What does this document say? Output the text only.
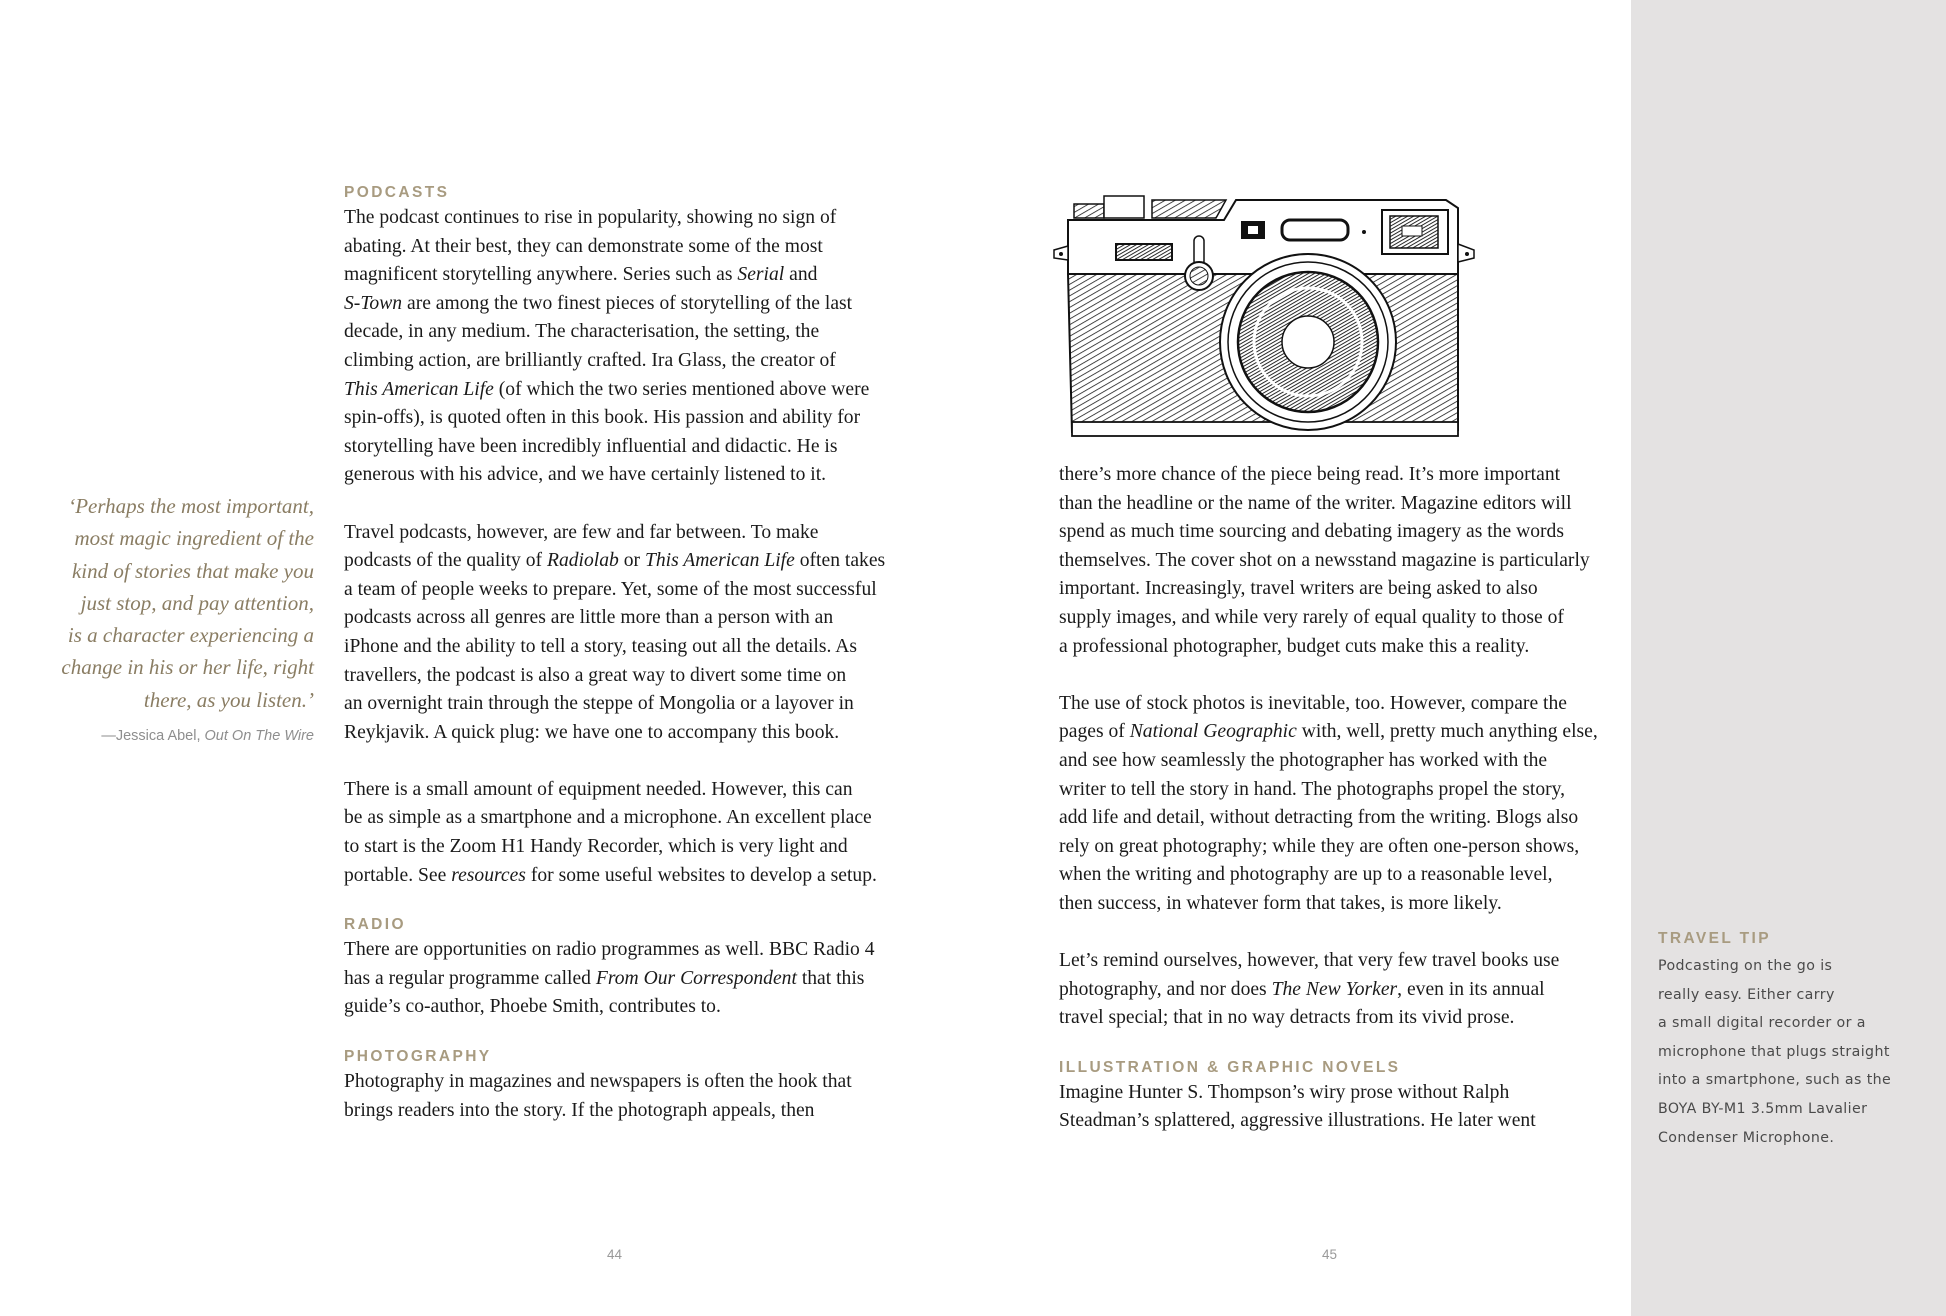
‘Perhaps the most important,
most magic ingredient of the
kind of stories that make you
just stop, and pay attention,
is a character experiencing a
change in his or her life, right
there, as you listen.’
—Jessica Abel, Out On The Wire
PODCASTS
The podcast continues to rise in popularity, showing no sign of
abating. At their best, they can demonstrate some of the most
magnificent storytelling anywhere. Series such as Serial and
S-Town are among the two finest pieces of storytelling of the last
decade, in any medium. The characterisation, the setting, the
climbing action, are brilliantly crafted. Ira Glass, the creator of
This American Life (of which the two series mentioned above were
spin-offs), is quoted often in this book. His passion and ability for
storytelling have been incredibly influential and didactic. He is
generous with his advice, and we have certainly listened to it.
Travel podcasts, however, are few and far between. To make
podcasts of the quality of Radiolab or This American Life often takes
a team of people weeks to prepare. Yet, some of the most successful
podcasts across all genres are little more than a person with an
iPhone and the ability to tell a story, teasing out all the details. As
travellers, the podcast is also a great way to divert some time on
an overnight train through the steppe of Mongolia or a layover in
Reykjavik. A quick plug: we have one to accompany this book.
There is a small amount of equipment needed. However, this can
be as simple as a smartphone and a microphone. An excellent place
to start is the Zoom H1 Handy Recorder, which is very light and
portable. See resources for some useful websites to develop a setup.
RADIO
There are opportunities on radio programmes as well. BBC Radio 4
has a regular programme called From Our Correspondent that this
guide’s co-author, Phoebe Smith, contributes to.
PHOTOGRAPHY
Photography in magazines and newspapers is often the hook that
brings readers into the story. If the photograph appeals, then
there’s more chance of the piece being read. It’s more important
than the headline or the name of the writer. Magazine editors will
spend as much time sourcing and debating imagery as the words
themselves. The cover shot on a newsstand magazine is particularly
important. Increasingly, travel writers are being asked to also
supply images, and while very rarely of equal quality to those of
a professional photographer, budget cuts make this a reality.
The use of stock photos is inevitable, too. However, compare the
pages of National Geographic with, well, pretty much anything else,
and see how seamlessly the photographer has worked with the
writer to tell the story in hand. The photographs propel the story,
add life and detail, without detracting from the writing. Blogs also
rely on great photography; while they are often one-person shows,
when the writing and photography are up to a reasonable level,
then success, in whatever form that takes, is more likely.
Let’s remind ourselves, however, that very few travel books use
photography, and nor does The New Yorker, even in its annual
travel special; that in no way detracts from its vivid prose.
ILLUSTRATION & GRAPHIC NOVELS
Imagine Hunter S. Thompson’s wiry prose without Ralph
Steadman’s splattered, aggressive illustrations. He later went
TRAVEL TIP
Podcasting on the go is
really easy. Either carry
a small digital recorder or a
microphone that plugs straight
into a smartphone, such as the
BOYA BY-M1 3.5mm Lavalier
Condenser Microphone.
44	45
